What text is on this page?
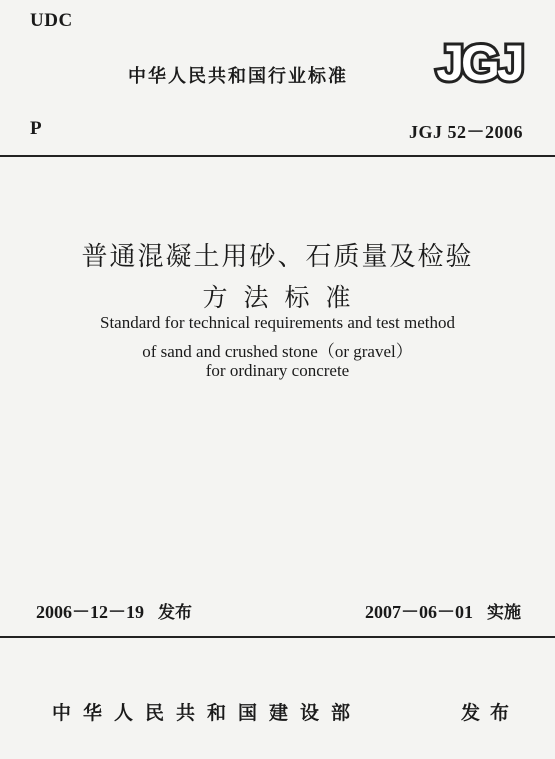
UDC
中华人民共和国行业标准 JGJ
P	JGJ 52－2006
普通混凝土用砂、石质量及检验
方法标准
Standard for technical requirements and test method
of sand and crushed stone（or gravel）
for ordinary concrete
2006－12－19 发布	2007－06－01 实施
中华人民共和国建设部	发布
